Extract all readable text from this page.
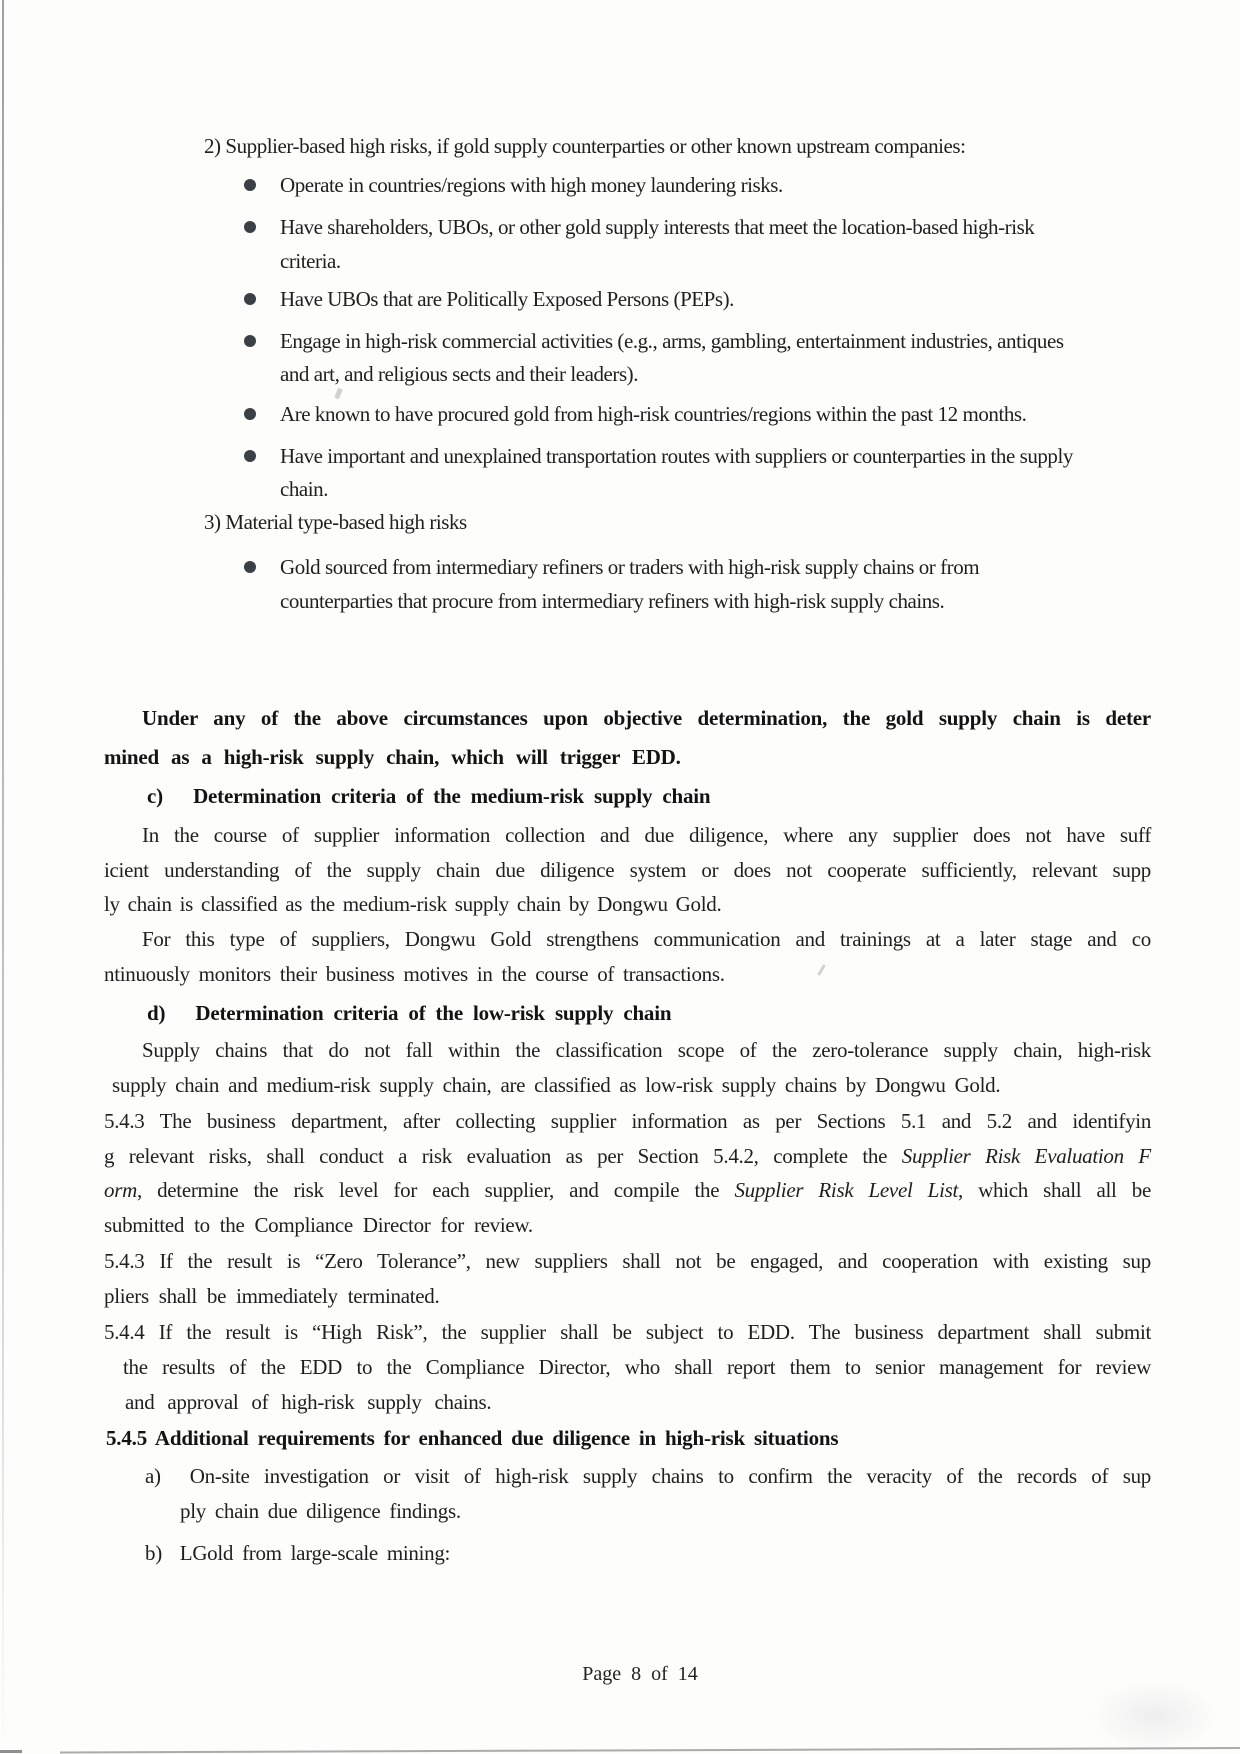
2) Supplier-based high risks, if gold supply counterparties or other known upstream companies:
Operate in countries/regions with high money laundering risks.
Have shareholders, UBOs, or other gold supply interests that meet the location-based high-risk
criteria.
Have UBOs that are Politically Exposed Persons (PEPs).
Engage in high-risk commercial activities (e.g., arms, gambling, entertainment industries, antiques
and art, and religious sects and their leaders).
Are known to have procured gold from high-risk countries/regions within the past 12 months.
Have important and unexplained transportation routes with suppliers or counterparties in the supply
chain.
3) Material type-based high risks
Gold sourced from intermediary refiners or traders with high-risk supply chains or from
counterparties that procure from intermediary refiners with high-risk supply chains.
Under any of the above circumstances upon objective determination, the gold supply chain is deter
mined as a high-risk supply chain, which will trigger EDD.
c)   Determination criteria of the medium-risk supply chain
In the course of supplier information collection and due diligence, where any supplier does not have suff
icient understanding of the supply chain due diligence system or does not cooperate sufficiently, relevant supp
ly chain is classified as the medium-risk supply chain by Dongwu Gold.
For this type of suppliers, Dongwu Gold strengthens communication and trainings at a later stage and co
ntinuously monitors their business motives in the course of transactions.
d)   Determination criteria of the low-risk supply chain
Supply chains that do not fall within the classification scope of the zero-tolerance supply chain, high-risk
supply chain and medium-risk supply chain, are classified as low-risk supply chains by Dongwu Gold.
5.4.3 The business department, after collecting supplier information as per Sections 5.1 and 5.2 and identifyin
g relevant risks, shall conduct a risk evaluation as per Section 5.4.2, complete the Supplier Risk Evaluation F
orm, determine the risk level for each supplier, and compile the Supplier Risk Level List, which shall all be
submitted to the Compliance Director for review.
5.4.3 If the result is “Zero Tolerance”, new suppliers shall not be engaged, and cooperation with existing sup
pliers shall be immediately terminated.
5.4.4 If the result is “High Risk”, the supplier shall be subject to EDD. The business department shall submit
the results of the EDD to the Compliance Director, who shall report them to senior management for review
and approval of high-risk supply chains.
5.4.5 Additional requirements for enhanced due diligence in high-risk situations
a)  On-site investigation or visit of high-risk supply chains to confirm the veracity of the records of sup
ply chain due diligence findings.
b)  LGold from large-scale mining:
Page 8 of 14
